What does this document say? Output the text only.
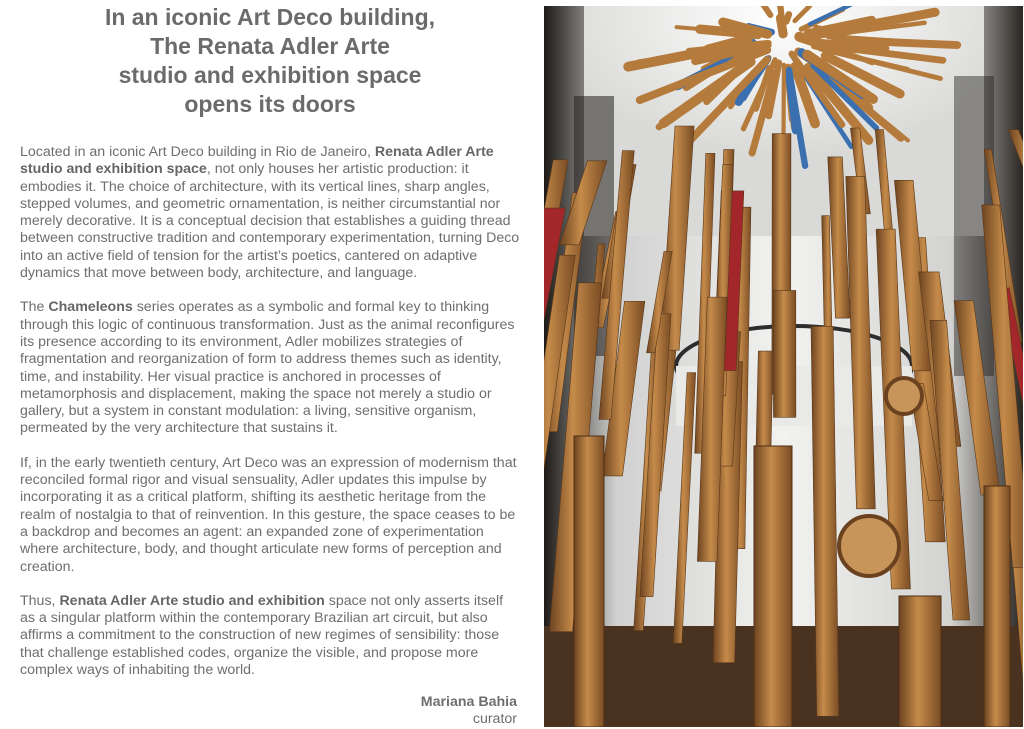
In an iconic Art Deco building,
The Renata Adler Arte
studio and exhibition space
opens its doors

Located in an iconic Art Deco building in Rio de Janeiro, Renata Adler Arte studio and exhibition space, not only houses her artistic production: it embodies it. The choice of architecture, with its vertical lines, sharp angles, stepped volumes, and geometric ornamentation, is neither circumstantial nor merely decorative. It is a conceptual decision that establishes a guiding thread between constructive tradition and contemporary experimentation, turning Deco into an active field of tension for the artist’s poetics, cantered on adaptive dynamics that move between body, architecture, and language.

The Chameleons series operates as a symbolic and formal key to thinking through this logic of continuous transformation. Just as the animal reconfigures its presence according to its environment, Adler mobilizes strategies of fragmentation and reorganization of form to address themes such as identity, time, and instability. Her visual practice is anchored in processes of metamorphosis and displacement, making the space not merely a studio or gallery, but a system in constant modulation: a living, sensitive organism, permeated by the very architecture that sustains it.

If, in the early twentieth century, Art Deco was an expression of modernism that reconciled formal rigor and visual sensuality, Adler updates this impulse by incorporating it as a critical platform, shifting its aesthetic heritage from the realm of nostalgia to that of reinvention. In this gesture, the space ceases to be a backdrop and becomes an agent: an expanded zone of experimentation where architecture, body, and thought articulate new forms of perception and creation.

Thus, Renata Adler Arte studio and exhibition space not only asserts itself as a singular platform within the contemporary Brazilian art circuit, but also affirms a commitment to the construction of new regimes of sensibility: those that challenge established codes, organize the visible, and propose more complex ways of inhabiting the world.

Mariana Bahia
curator
